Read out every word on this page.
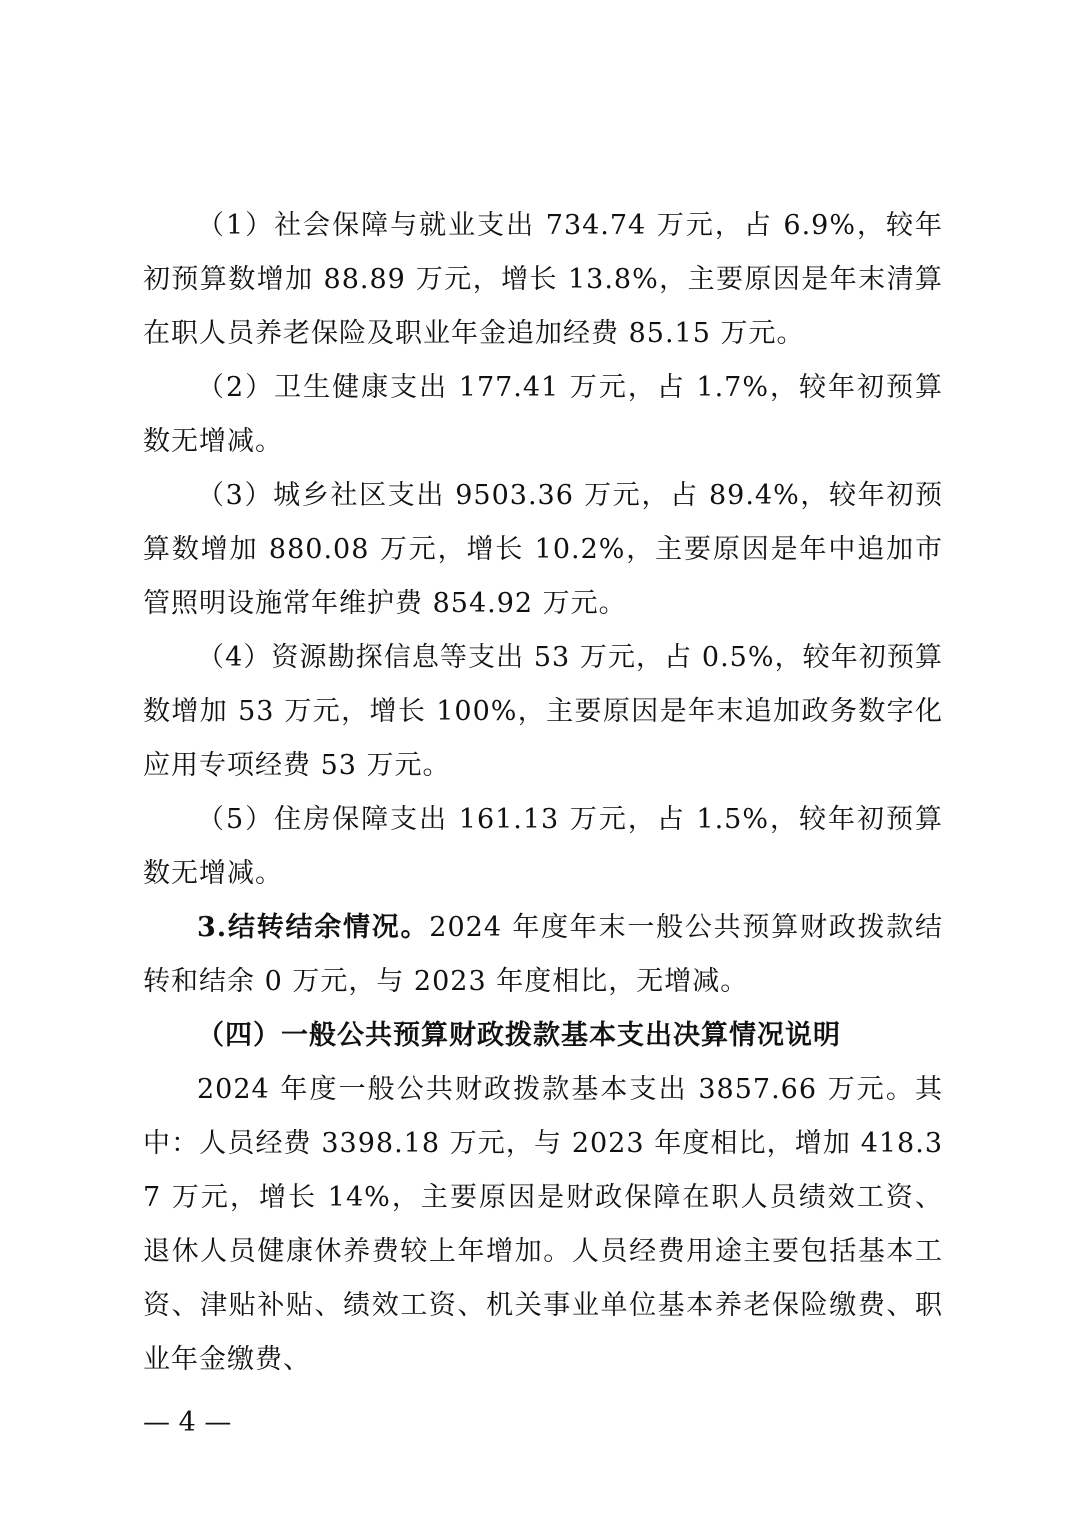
（1）社会保障与就业支出 734.74 万元，占 6.9%，较年初预算数增加 88.89 万元，增长 13.8%，主要原因是年末清算在职人员养老保险及职业年金追加经费 85.15 万元。

（2）卫生健康支出 177.41 万元，占 1.7%，较年初预算数无增减。

（3）城乡社区支出 9503.36 万元，占 89.4%，较年初预算数增加 880.08 万元，增长 10.2%，主要原因是年中追加市管照明设施常年维护费 854.92 万元。

（4）资源勘探信息等支出 53 万元，占 0.5%，较年初预算数增加 53 万元，增长 100%，主要原因是年末追加政务数字化应用专项经费 53 万元。

（5）住房保障支出 161.13 万元，占 1.5%，较年初预算数无增减。

3.结转结余情况。2024 年度年末一般公共预算财政拨款结转和结余 0 万元，与 2023 年度相比，无增减。

（四）一般公共预算财政拨款基本支出决算情况说明

2024 年度一般公共财政拨款基本支出 3857.66 万元。其中：人员经费 3398.18 万元，与 2023 年度相比，增加 418.37 万元，增长 14%，主要原因是财政保障在职人员绩效工资、退休人员健康休养费较上年增加。人员经费用途主要包括基本工资、津贴补贴、绩效工资、机关事业单位基本养老保险缴费、职业年金缴费、

— 4 —
